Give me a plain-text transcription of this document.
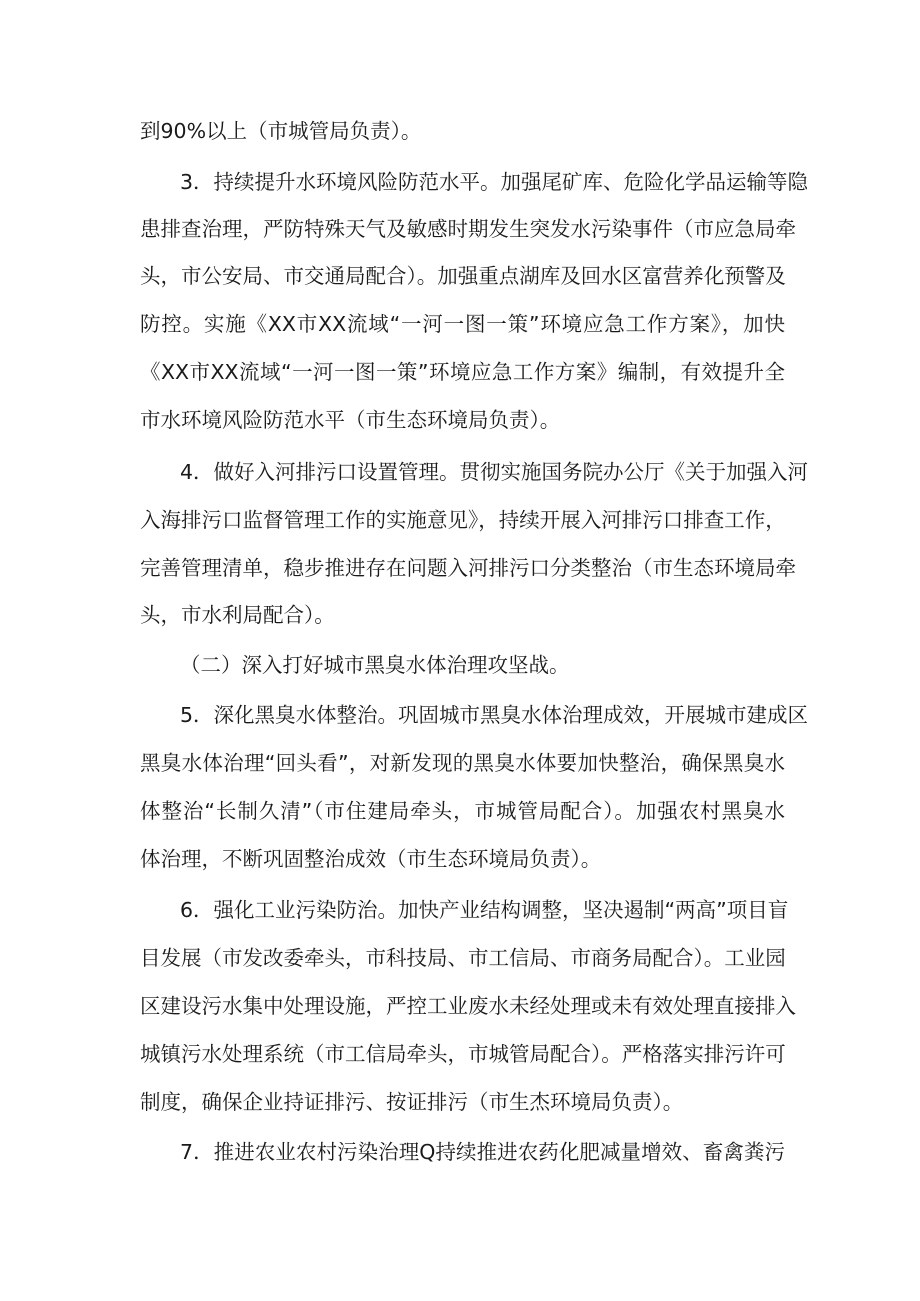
到90%以上（市城管局负责）。
3．持续提升水环境风险防范水平。加强尾矿库、危险化学品运输等隐
患排查治理，严防特殊天气及敏感时期发生突发水污染事件（市应急局牵
头，市公安局、市交通局配合）。加强重点湖库及回水区富营养化预警及
防控。实施《XX市XX流域“一河一图一策”环境应急工作方案》，加快
《XX市XX流域“一河一图一策”环境应急工作方案》编制，有效提升全
市水环境风险防范水平（市生态环境局负责）。
4．做好入河排污口设置管理。贯彻实施国务院办公厅《关于加强入河
入海排污口监督管理工作的实施意见》，持续开展入河排污口排查工作，
完善管理清单，稳步推进存在问题入河排污口分类整治（市生态环境局牵
头，市水利局配合）。
（二）深入打好城市黑臭水体治理攻坚战。
5．深化黑臭水体整治。巩固城市黑臭水体治理成效，开展城市建成区
黑臭水体治理“回头看”，对新发现的黑臭水体要加快整治，确保黑臭水
体整治“长制久清”（市住建局牵头，市城管局配合）。加强农村黑臭水
体治理，不断巩固整治成效（市生态环境局负责）。
6．强化工业污染防治。加快产业结构调整，坚决遏制“两高”项目盲
目发展（市发改委牵头，市科技局、市工信局、市商务局配合）。工业园
区建设污水集中处理设施，严控工业废水未经处理或未有效处理直接排入
城镇污水处理系统（市工信局牵头，市城管局配合）。严格落实排污许可
制度，确保企业持证排污、按证排污（市生杰环境局负责）。
7．推进农业农村污染治理Q持续推进农药化肥减量增效、畜禽粪污
